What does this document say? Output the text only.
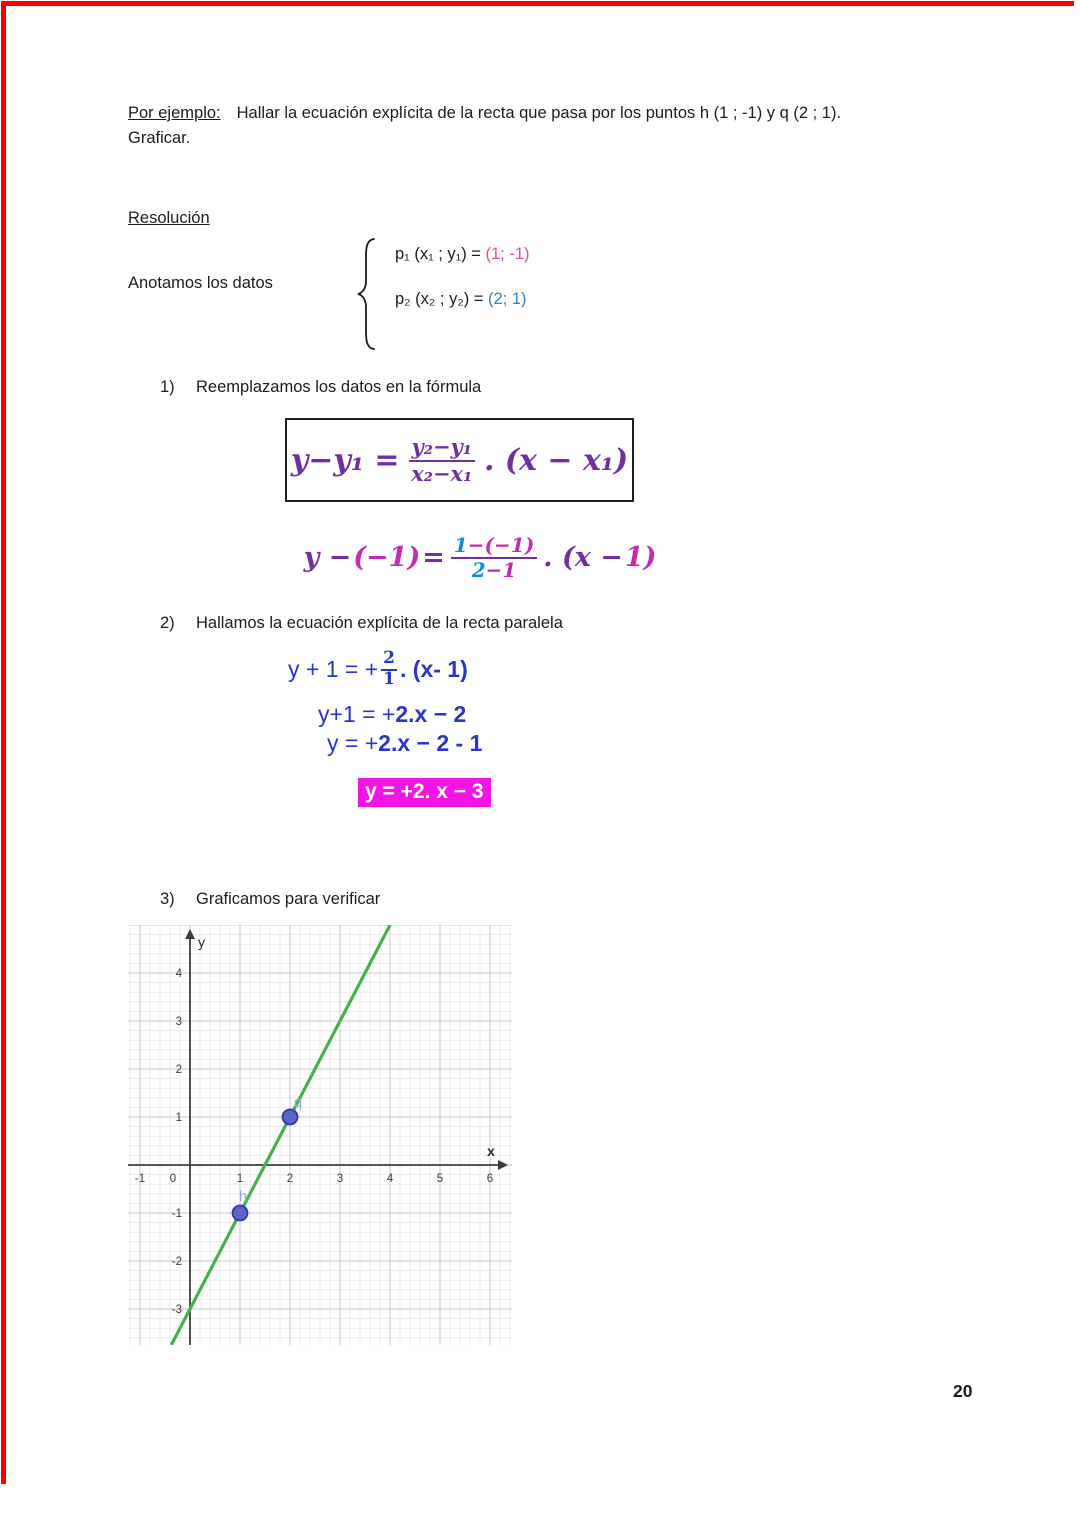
Por ejemplo: Hallar la ecuación explícita de la recta que pasa por los puntos h (1 ; -1) y q (2 ; 1).
Graficar.
Resolución
Anotamos los datos
p₁ (x₁ ; y₁) = (1; -1)
p₂ (x₂ ; y₂) = (2; 1)
1) Reemplazamos los datos en la fórmula
$y-y_1 = \frac{\text{y₂−y₁}}{\text{x₂−x₁}}$ . (x − x₁)
$y - (-1) = \frac{1-(-1)}{2-1}$ . (x − 1)
2) Hallamos la ecuación explícita de la recta paralela
y + 1 = + $\frac{2}{1}$ . (x- 1)
y+1 = + 2.x − 2
y = + 2.x − 2 - 1
y = +2. x − 3
3) Graficamos para verificar
-1 0	1	2	3	4	5	6
4
3
2
1
-1
-2
-3
x
y
h
q
20
